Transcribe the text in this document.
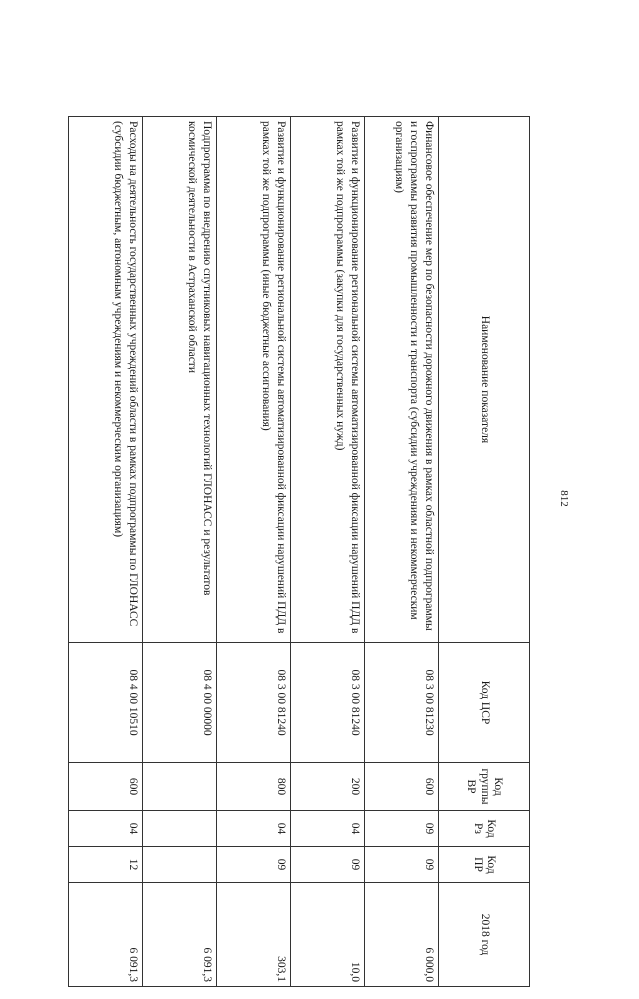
812
Наименование показателя	Код ЦСР	Код группы ВР	Код Рз	Код ПР	2018 год
Финансовое обеспечение мер по безопасности дорожного движения в рамках областной подпрограммы и госпрограммы развития промышленности и транспорта (субсидии учреждениям и некоммерческим организациям)	08 3 00 81230	600	09	09	6 000,0
Развитие и функционирование региональной системы автоматизированной фиксации нарушений ПДД в рамках той же подпрограммы (закупки для государственных нужд)	08 3 00 81240	200	04	09	10,0
Развитие и функционирование региональной системы автоматизированной фиксации нарушений ПДД в рамках той же подпрограммы (иные бюджетные ассигнования)	08 3 00 81240	800	04	09	303,1
Подпрограмма по внедрению спутниковых навигационных технологий ГЛОНАСС и результатов космической деятельности в Астраханской области	08 4 00 00000				6 091,3
Расходы на деятельность государственных учреждений области в рамках подпрограммы по ГЛОНАСС (субсидии бюджетным, автономным учреждениям и некоммерческим организациям)	08 4 00 10510	600	04	12	6 091,3
